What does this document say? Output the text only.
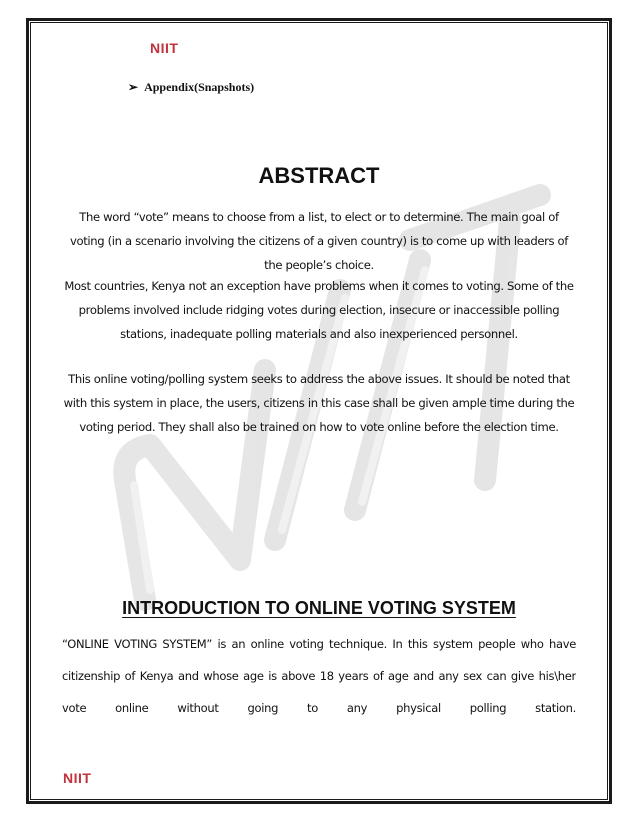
NIIT
➢ Appendix(Snapshots)
ABSTRACT
The word “vote” means to choose from a list, to elect or to determine. The main goal of voting (in a scenario involving the citizens of a given country) is to come up with leaders of the people’s choice.
Most countries, Kenya not an exception have problems when it comes to voting. Some of the problems involved include ridging votes during election, insecure or inaccessible polling stations, inadequate polling materials and also inexperienced personnel.
This online voting/polling system seeks to address the above issues. It should be noted that with this system in place, the users, citizens in this case shall be given ample time during the voting period. They shall also be trained on how to vote online before the election time.
INTRODUCTION TO ONLINE VOTING SYSTEM
“ONLINE VOTING SYSTEM” is an online voting technique. In this system people who have citizenship of Kenya and whose age is above 18 years of age and any sex can give his\her vote online without going to any physical polling station.
NIIT
